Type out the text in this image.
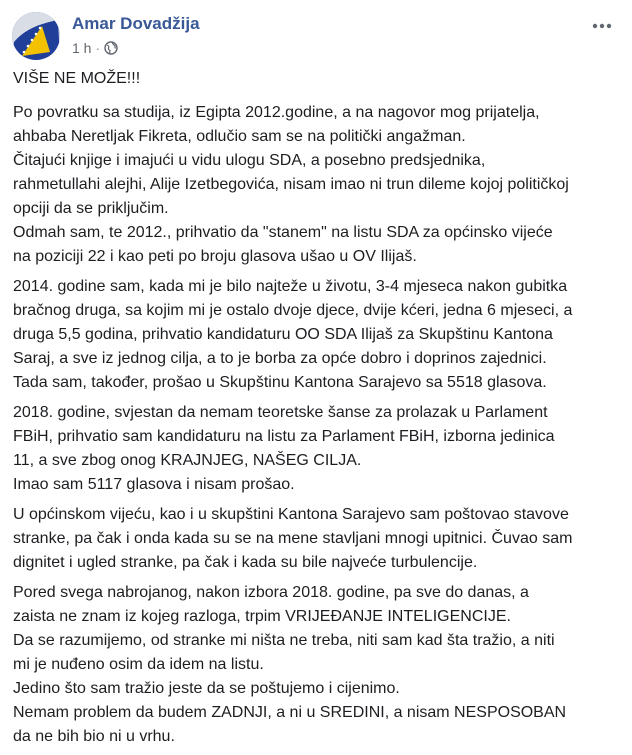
Amar Dovadžija
1 h ·
VIŠE NE MOŽE!!!
Po povratku sa studija, iz Egipta 2012.godine, a na nagovor mog prijatelja,
ahbaba Neretljak Fikreta, odlučio sam se na politički angažman.
Čitajući knjige i imajući u vidu ulogu SDA, a posebno predsjednika,
rahmetullahi alejhi, Alije Izetbegovića, nisam imao ni trun dileme kojoj političkoj
opciji da se priključim.
Odmah sam, te 2012., prihvatio da "stanem" na listu SDA za općinsko vijeće
na poziciji 22 i kao peti po broju glasova ušao u OV Ilijaš.
2014. godine sam, kada mi je bilo najteže u životu, 3-4 mjeseca nakon gubitka
bračnog druga, sa kojim mi je ostalo dvoje djece, dvije kćeri, jedna 6 mjeseci, a
druga 5,5 godina, prihvatio kandidaturu OO SDA Ilijaš za Skupštinu Kantona
Saraj, a sve iz jednog cilja, a to je borba za opće dobro i doprinos zajednici.
Tada sam, također, prošao u Skupštinu Kantona Sarajevo sa 5518 glasova.
2018. godine, svjestan da nemam teoretske šanse za prolazak u Parlament
FBiH, prihvatio sam kandidaturu na listu za Parlament FBiH, izborna jedinica
11, a sve zbog onog KRAJNJEG, NAŠEG CILJA.
Imao sam 5117 glasova i nisam prošao.
U općinskom vijeću, kao i u skupštini Kantona Sarajevo sam poštovao stavove
stranke, pa čak i onda kada su se na mene stavljani mnogi upitnici. Čuvao sam
dignitet i ugled stranke, pa čak i kada su bile najveće turbulencije.
Pored svega nabrojanog, nakon izbora 2018. godine, pa sve do danas, a
zaista ne znam iz kojeg razloga, trpim VRIJEĐANJE INTELIGENCIJE.
Da se razumijemo, od stranke mi ništa ne treba, niti sam kad šta tražio, a niti
mi je nuđeno osim da idem na listu.
Jedino što sam tražio jeste da se poštujemo i cijenimo.
Nemam problem da budem ZADNJI, a ni u SREDINI, a nisam NESPOSOBAN
da ne bih bio ni u vrhu.
